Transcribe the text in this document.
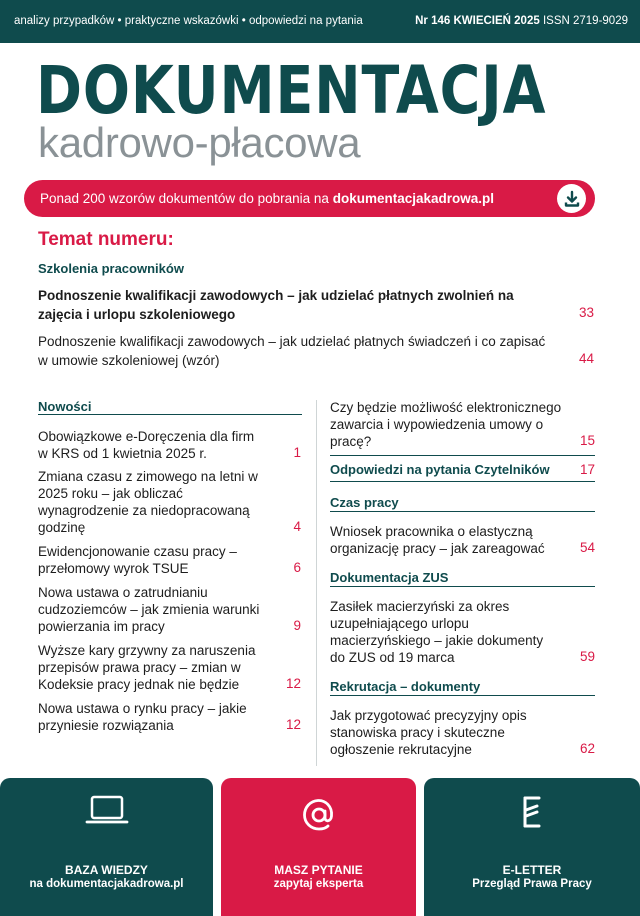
analizy przypadków • praktyczne wskazówki • odpowiedzi na pytania	Nr 146 KWIECIEŃ 2025 ISSN 2719-9029
DOKUMENTACJA
kadrowo-płacowa
Ponad 200 wzorów dokumentów do pobrania na dokumentacjakadrowa.pl
Temat numeru:
Szkolenia pracowników
Podnoszenie kwalifikacji zawodowych – jak udzielać płatnych zwolnień na zajęcia i urlopu szkoleniowego	33
Podnoszenie kwalifikacji zawodowych – jak udzielać płatnych świadczeń i co zapisać w umowie szkoleniowej (wzór)	44
Nowości
Obowiązkowe e-Doręczenia dla firm w KRS od 1 kwietnia 2025 r.	1
Zmiana czasu z zimowego na letni w 2025 roku – jak obliczać wynagrodzenie za niedopracowaną godzinę	4
Ewidencjonowanie czasu pracy – przełomowy wyrok TSUE	6
Nowa ustawa o zatrudnianiu cudzoziemców – jak zmienia warunki powierzania im pracy	9
Wyższe kary grzywny za naruszenia przepisów prawa pracy – zmian w Kodeksie pracy jednak nie będzie	12
Nowa ustawa o rynku pracy – jakie przyniesie rozwiązania	12
Czy będzie możliwość elektronicznego zawarcia i wypowiedzenia umowy o pracę?	15
Odpowiedzi na pytania Czytelników	17
Czas pracy
Wniosek pracownika o elastyczną organizację pracy – jak zareagować	54
Dokumentacja ZUS
Zasiłek macierzyński za okres uzupełniającego urlopu macierzyńskiego – jakie dokumenty do ZUS od 19 marca	59
Rekrutacja – dokumenty
Jak przygotować precyzyjny opis stanowiska pracy i skuteczne ogłoszenie rekrutacyjne	62
BAZA WIEDZY
na dokumentacjakadrowa.pl
MASZ PYTANIE
zapytaj eksperta
E-LETTER
Przegląd Prawa Pracy
